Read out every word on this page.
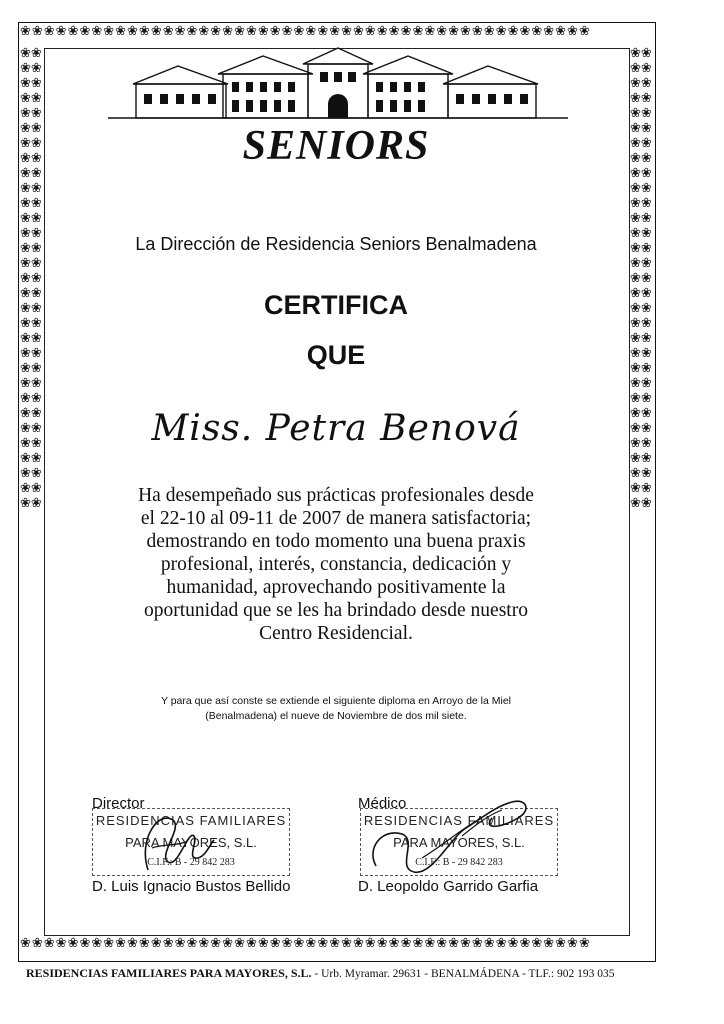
❀❀❀❀❀❀❀❀❀❀❀❀❀❀❀❀❀❀❀❀❀❀❀❀❀❀❀❀❀❀❀❀❀❀❀❀❀❀❀❀❀❀❀❀❀❀❀❀
❀❀❀❀❀❀❀❀❀❀❀❀❀❀❀❀❀❀❀❀❀❀❀❀❀❀❀❀❀❀❀❀❀❀❀❀❀❀❀❀❀❀❀❀❀❀❀❀
❀❀❀❀❀❀❀❀❀❀❀❀❀❀❀❀❀❀❀❀❀❀❀❀❀❀❀❀❀❀❀❀❀❀❀❀❀❀❀❀❀❀❀❀❀❀❀❀❀❀❀❀❀❀❀❀❀❀❀❀❀❀
❀❀❀❀❀❀❀❀❀❀❀❀❀❀❀❀❀❀❀❀❀❀❀❀❀❀❀❀❀❀❀❀❀❀❀❀❀❀❀❀❀❀❀❀❀❀❀❀❀❀❀❀❀❀❀❀❀❀❀❀❀❀
SENIORS
La Dirección de Residencia Seniors Benalmadena
CERTIFICA
QUE
Miss. Petra Benová
Ha desempeñado sus prácticas profesionales desde
el 22-10 al 09-11 de 2007 de manera satisfactoria;
demostrando en todo momento una buena praxis
profesional, interés, constancia, dedicación y
humanidad, aprovechando positivamente la
oportunidad que se les ha brindado desde nuestro
Centro Residencial.
Y para que así conste se extiende el siguiente diploma en Arroyo de la Miel
(Benalmadena) el nueve de Noviembre de dos mil siete.
Director
RESIDENCIAS FAMILIARES
PARA MAYORES, S.L.
C.I.F.: B - 29 842 283
D. Luis Ignacio Bustos Bellido
Médico
RESIDENCIAS FAMILIARES
PARA MAYORES, S.L.
C.I.F.: B - 29 842 283
D. Leopoldo Garrido Garfia
RESIDENCIAS FAMILIARES PARA MAYORES, S.L. - Urb. Myramar. 29631 - BENALMÁDENA - TLF.: 902 193 035
